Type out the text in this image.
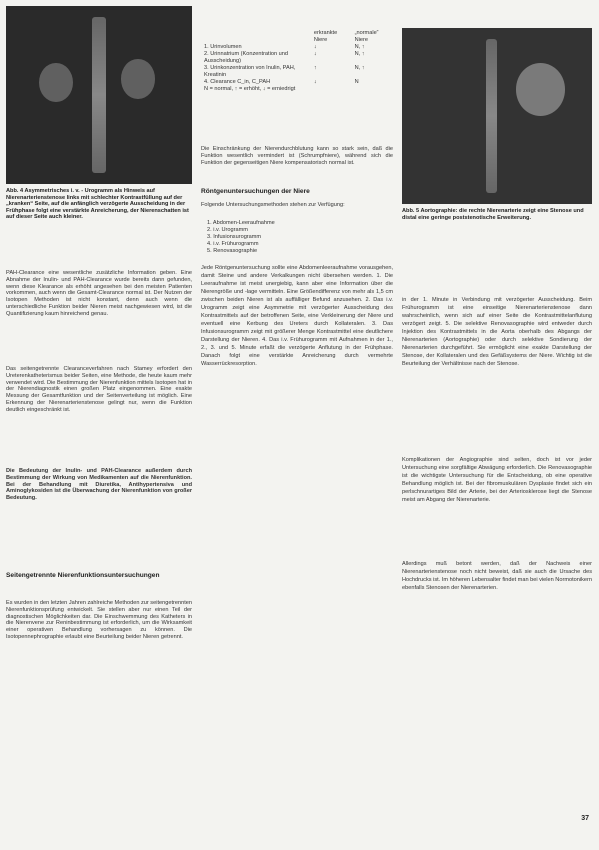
Abb. 4 Asymmetrisches i. v. - Urogramm als Hinweis auf Nierenarterienstenose links mit schlechter Kontrastfüllung auf der „kranken“ Seite, auf die anfänglich verzögerte Ausscheidung in der Frühphase folgt eine verstärkte Anreicherung, der Nierenschatten ist auf dieser Seite auch kleiner.
PAH-Clearance eine wesentliche zusätzliche Information geben. Eine Abnahme der Inulin- und PAH-Clearance wurde bereits dann gefunden, wenn diese Klearance als erhöht angesehen bei den meisten Patienten vorkommen, auch wenn die Gesamt-Clearance normal ist. Der Nutzen der Isotopen Methoden ist nicht konstant, denn auch wenn die unterschiedliche Funktion beider Nieren meist nachgewiesen wird, ist die Quantifizierung kaum hinreichend genau.
Das seitengetrennte Clearanceverfahren nach Stamey erfordert den Ureterenkatheterismus beider Seiten, eine Methode, die heute kaum mehr verwendet wird. Die Bestimmung der Nierenfunktion mittels Isotopen hat in der Nierendiagnostik einen großen Platz eingenommen. Eine exakte Messung der Gesamtfunktion und der Seitenverteilung ist möglich. Eine Erkennung der Nierenarterienstenose gelingt nur, wenn die Funktion deutlich eingeschränkt ist.
Die Bedeutung der Inulin- und PAH-Clearance außerdem durch Bestimmung der Wirkung von Medikamenten auf die Nierenfunktion. Bei der Behandlung mit Diuretika, Antihypertensiva und Aminoglykosiden ist die Überwachung der Nierenfunktion von großer Bedeutung.
Seitengetrennte Nierenfunktionsuntersuchungen
Es wurden in den letzten Jahren zahlreiche Methoden zur seitengetrennten Nierenfunktionsprüfung entwickelt. Sie stellen aber nur einen Teil der diagnostischen Möglichkeiten dar. Die Einschwemmung des Katheters in die Nierenvene zur Reninbestimmung ist erforderlich, um die Wirksamkeit einer operativen Behandlung vorhersagen zu können. Die Isotopennephrographie erlaubt eine Beurteilung beider Nieren getrennt.
	erkrankte Niere	„normale“ Niere
1. Urinvolumen	↓	N, ↑
2. Urinnatrium (Konzentration und Ausscheidung)	↓	N, ↑
3. Urinkonzentration von Inulin, PAH, Kreatinin	↑	N, ↑
4. Clearance C_in, C_PAH	↓	N
N = normal, ↑ = erhöht, ↓ = erniedrigt		
Die Einschränkung der Nierendurchblutung kann so stark sein, daß die Funktion wesentlich vermindert ist (Schrumpfniere), während sich die Funktion der gegenseitigen Niere kompensatorisch normal ist.
Röntgenuntersuchungen der Niere
Folgende Untersuchungsmethoden stehen zur Verfügung:
1. Abdomen-Leeraufnahme
2. i.v. Urogramm
3. Infusionsurogramm
4. i.v. Frühurogramm
5. Renovasographie
Jede Röntgenuntersuchung sollte eine Abdomenleeraufnahme vorausgehen, damit Steine und andere Verkalkungen nicht übersehen werden. 1. Die Leeraufnahme ist meist unergiebig, kann aber eine Information über die Nierengröße und -lage vermitteln. Eine Größendifferenz von mehr als 1,5 cm zwischen beiden Nieren ist als auffälliger Befund anzusehen. 2. Das i.v. Urogramm zeigt eine Asymmetrie mit verzögerter Ausscheidung des Kontrastmittels auf der betroffenen Seite, eine Verkleinerung der Niere und eventuell eine Kerbung des Ureters durch Kollateralen. 3. Das Infusionsurogramm zeigt mit größerer Menge Kontrastmittel eine deutlichere Darstellung der Nieren. 4. Das i.v. Frühurogramm mit Aufnahmen in der 1., 2., 3. und 5. Minute erfaßt die verzögerte Anflutung in der Frühphase. Danach folgt eine verstärkte Anreicherung durch vermehrte Wasserrückresorption.
Abb. 5 Aortographie: die rechte Nierenarterie zeigt eine Stenose und distal eine geringe poststenotische Erweiterung.
in der 1. Minute in Verbindung mit verzögerter Ausscheidung. Beim Frühurogramm ist eine einseitige Nierenarterienstenose dann wahrscheinlich, wenn sich auf einer Seite die Kontrastmittelanflutung verzögert zeigt. 5. Die selektive Renovasographie wird entweder durch Injektion des Kontrastmittels in die Aorta oberhalb des Abgangs der Nierenarterien (Aortographie) oder durch selektive Sondierung der Nierenarterien durchgeführt. Sie ermöglicht eine exakte Darstellung der Stenose, der Kollateralen und des Gefäßsystems der Niere. Wichtig ist die Beurteilung der Verhältnisse nach der Stenose.
Komplikationen der Angiographie sind selten, doch ist vor jeder Untersuchung eine sorgfältige Abwägung erforderlich. Die Renovasographie ist die wichtigste Untersuchung für die Entscheidung, ob eine operative Behandlung möglich ist. Bei der fibromuskulären Dysplasie findet sich ein perlschnurartiges Bild der Arterie, bei der Arteriosklerose liegt die Stenose meist am Abgang der Nierenarterie.
Allerdings muß betont werden, daß der Nachweis einer Nierenarterienstenose noch nicht beweist, daß sie auch die Ursache des Hochdrucks ist. Im höheren Lebensalter findet man bei vielen Normotonikern ebenfalls Stenosen der Nierenarterien.
37
